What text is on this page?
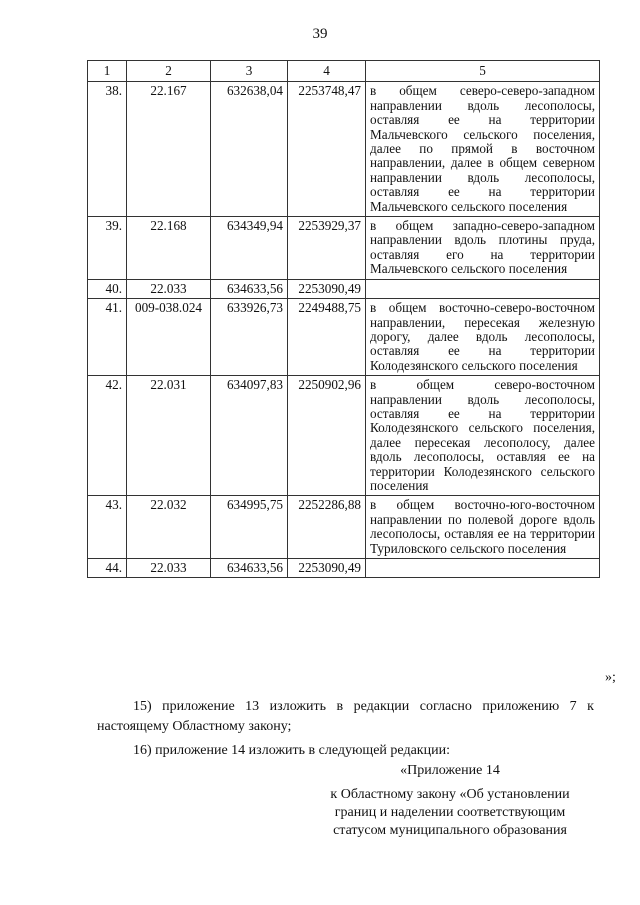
39
1	2	3	4	5
38.	22.167	632638,04	2253748,47	в общем северо-северо-западном направлении вдоль лесополосы, оставляя ее на территории Мальчевского сельского поселения, далее по прямой в восточном направлении, далее в общем северном направлении вдоль лесополосы, оставляя ее на территории Мальчевского сельского поселения
39.	22.168	634349,94	2253929,37	в общем западно-северо-западном направлении вдоль плотины пруда, оставляя его на территории Мальчевского сельского поселения
40.	22.033	634633,56	2253090,49	
41.	009-038.024	633926,73	2249488,75	в общем восточно-северо-восточном направлении, пересекая железную дорогу, далее вдоль лесополосы, оставляя ее на территории Колодезянского сельского поселения
42.	22.031	634097,83	2250902,96	в общем северо-восточном направлении вдоль лесополосы, оставляя ее на территории Колодезянского сельского поселения, далее пересекая лесополосу, далее вдоль лесополосы, оставляя ее на территории Колодезянского сельского поселения
43.	22.032	634995,75	2252286,88	в общем восточно-юго-восточном направлении по полевой дороге вдоль лесополосы, оставляя ее на территории Туриловского сельского поселения
44.	22.033	634633,56	2253090,49	
»;
15) приложение 13 изложить в редакции согласно приложению 7 к настоящему Областному закону;
16) приложение 14 изложить в следующей редакции:
«Приложение 14
к Областному закону «Об установлении
границ и наделении соответствующим
статусом муниципального образования
